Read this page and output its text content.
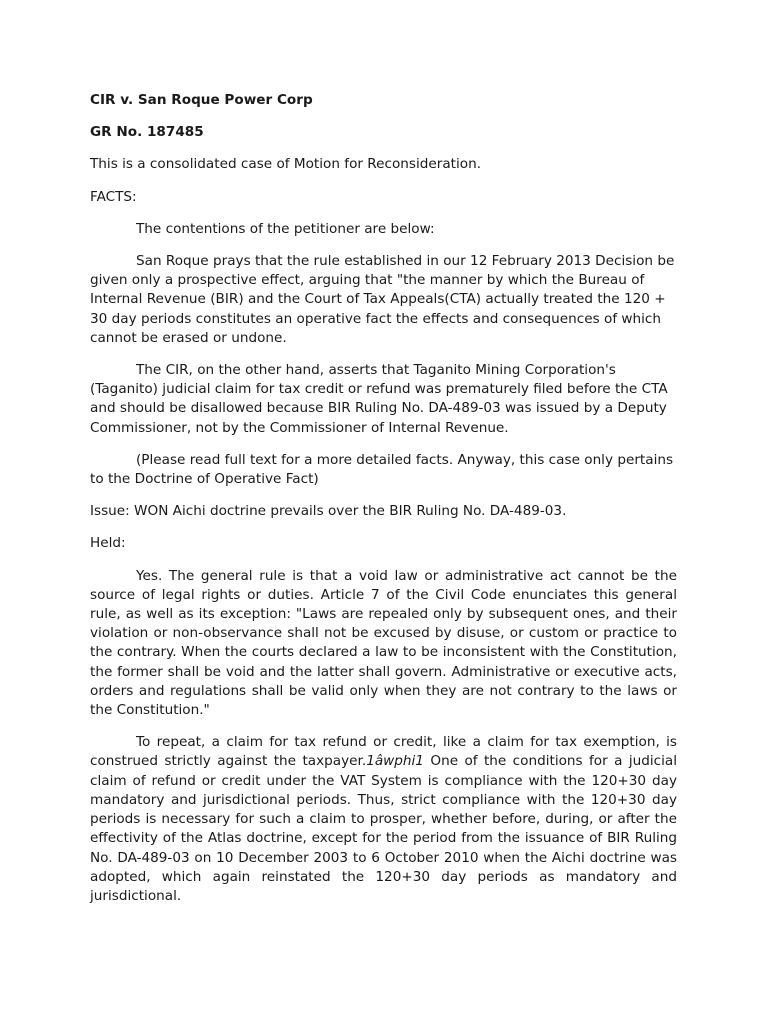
CIR v. San Roque Power Corp
GR No. 187485
This is a consolidated case of Motion for Reconsideration.
FACTS:
The contentions of the petitioner are below:
San Roque prays that the rule established in our 12 February 2013 Decision be given only a prospective effect, arguing that "the manner by which the Bureau of Internal Revenue (BIR) and the Court of Tax Appeals(CTA) actually treated the 120 + 30 day periods constitutes an operative fact the effects and consequences of which cannot be erased or undone.
The CIR, on the other hand, asserts that Taganito Mining Corporation's (Taganito) judicial claim for tax credit or refund was prematurely filed before the CTA and should be disallowed because BIR Ruling No. DA-489-03 was issued by a Deputy Commissioner, not by the Commissioner of Internal Revenue.
(Please read full text for a more detailed facts. Anyway, this case only pertains to the Doctrine of Operative Fact)
Issue: WON Aichi doctrine prevails over the BIR Ruling No. DA-489-03.
Held:
Yes. The general rule is that a void law or administrative act cannot be the source of legal rights or duties. Article 7 of the Civil Code enunciates this general rule, as well as its exception: "Laws are repealed only by subsequent ones, and their violation or non-observance shall not be excused by disuse, or custom or practice to the contrary. When the courts declared a law to be inconsistent with the Constitution, the former shall be void and the latter shall govern. Administrative or executive acts, orders and regulations shall be valid only when they are not contrary to the laws or the Constitution."
To repeat, a claim for tax refund or credit, like a claim for tax exemption, is construed strictly against the taxpayer.1âwphi1 One of the conditions for a judicial claim of refund or credit under the VAT System is compliance with the 120+30 day mandatory and jurisdictional periods. Thus, strict compliance with the 120+30 day periods is necessary for such a claim to prosper, whether before, during, or after the effectivity of the Atlas doctrine, except for the period from the issuance of BIR Ruling No. DA-489-03 on 10 December 2003 to 6 October 2010 when the Aichi doctrine was adopted, which again reinstated the 120+30 day periods as mandatory and jurisdictional.
